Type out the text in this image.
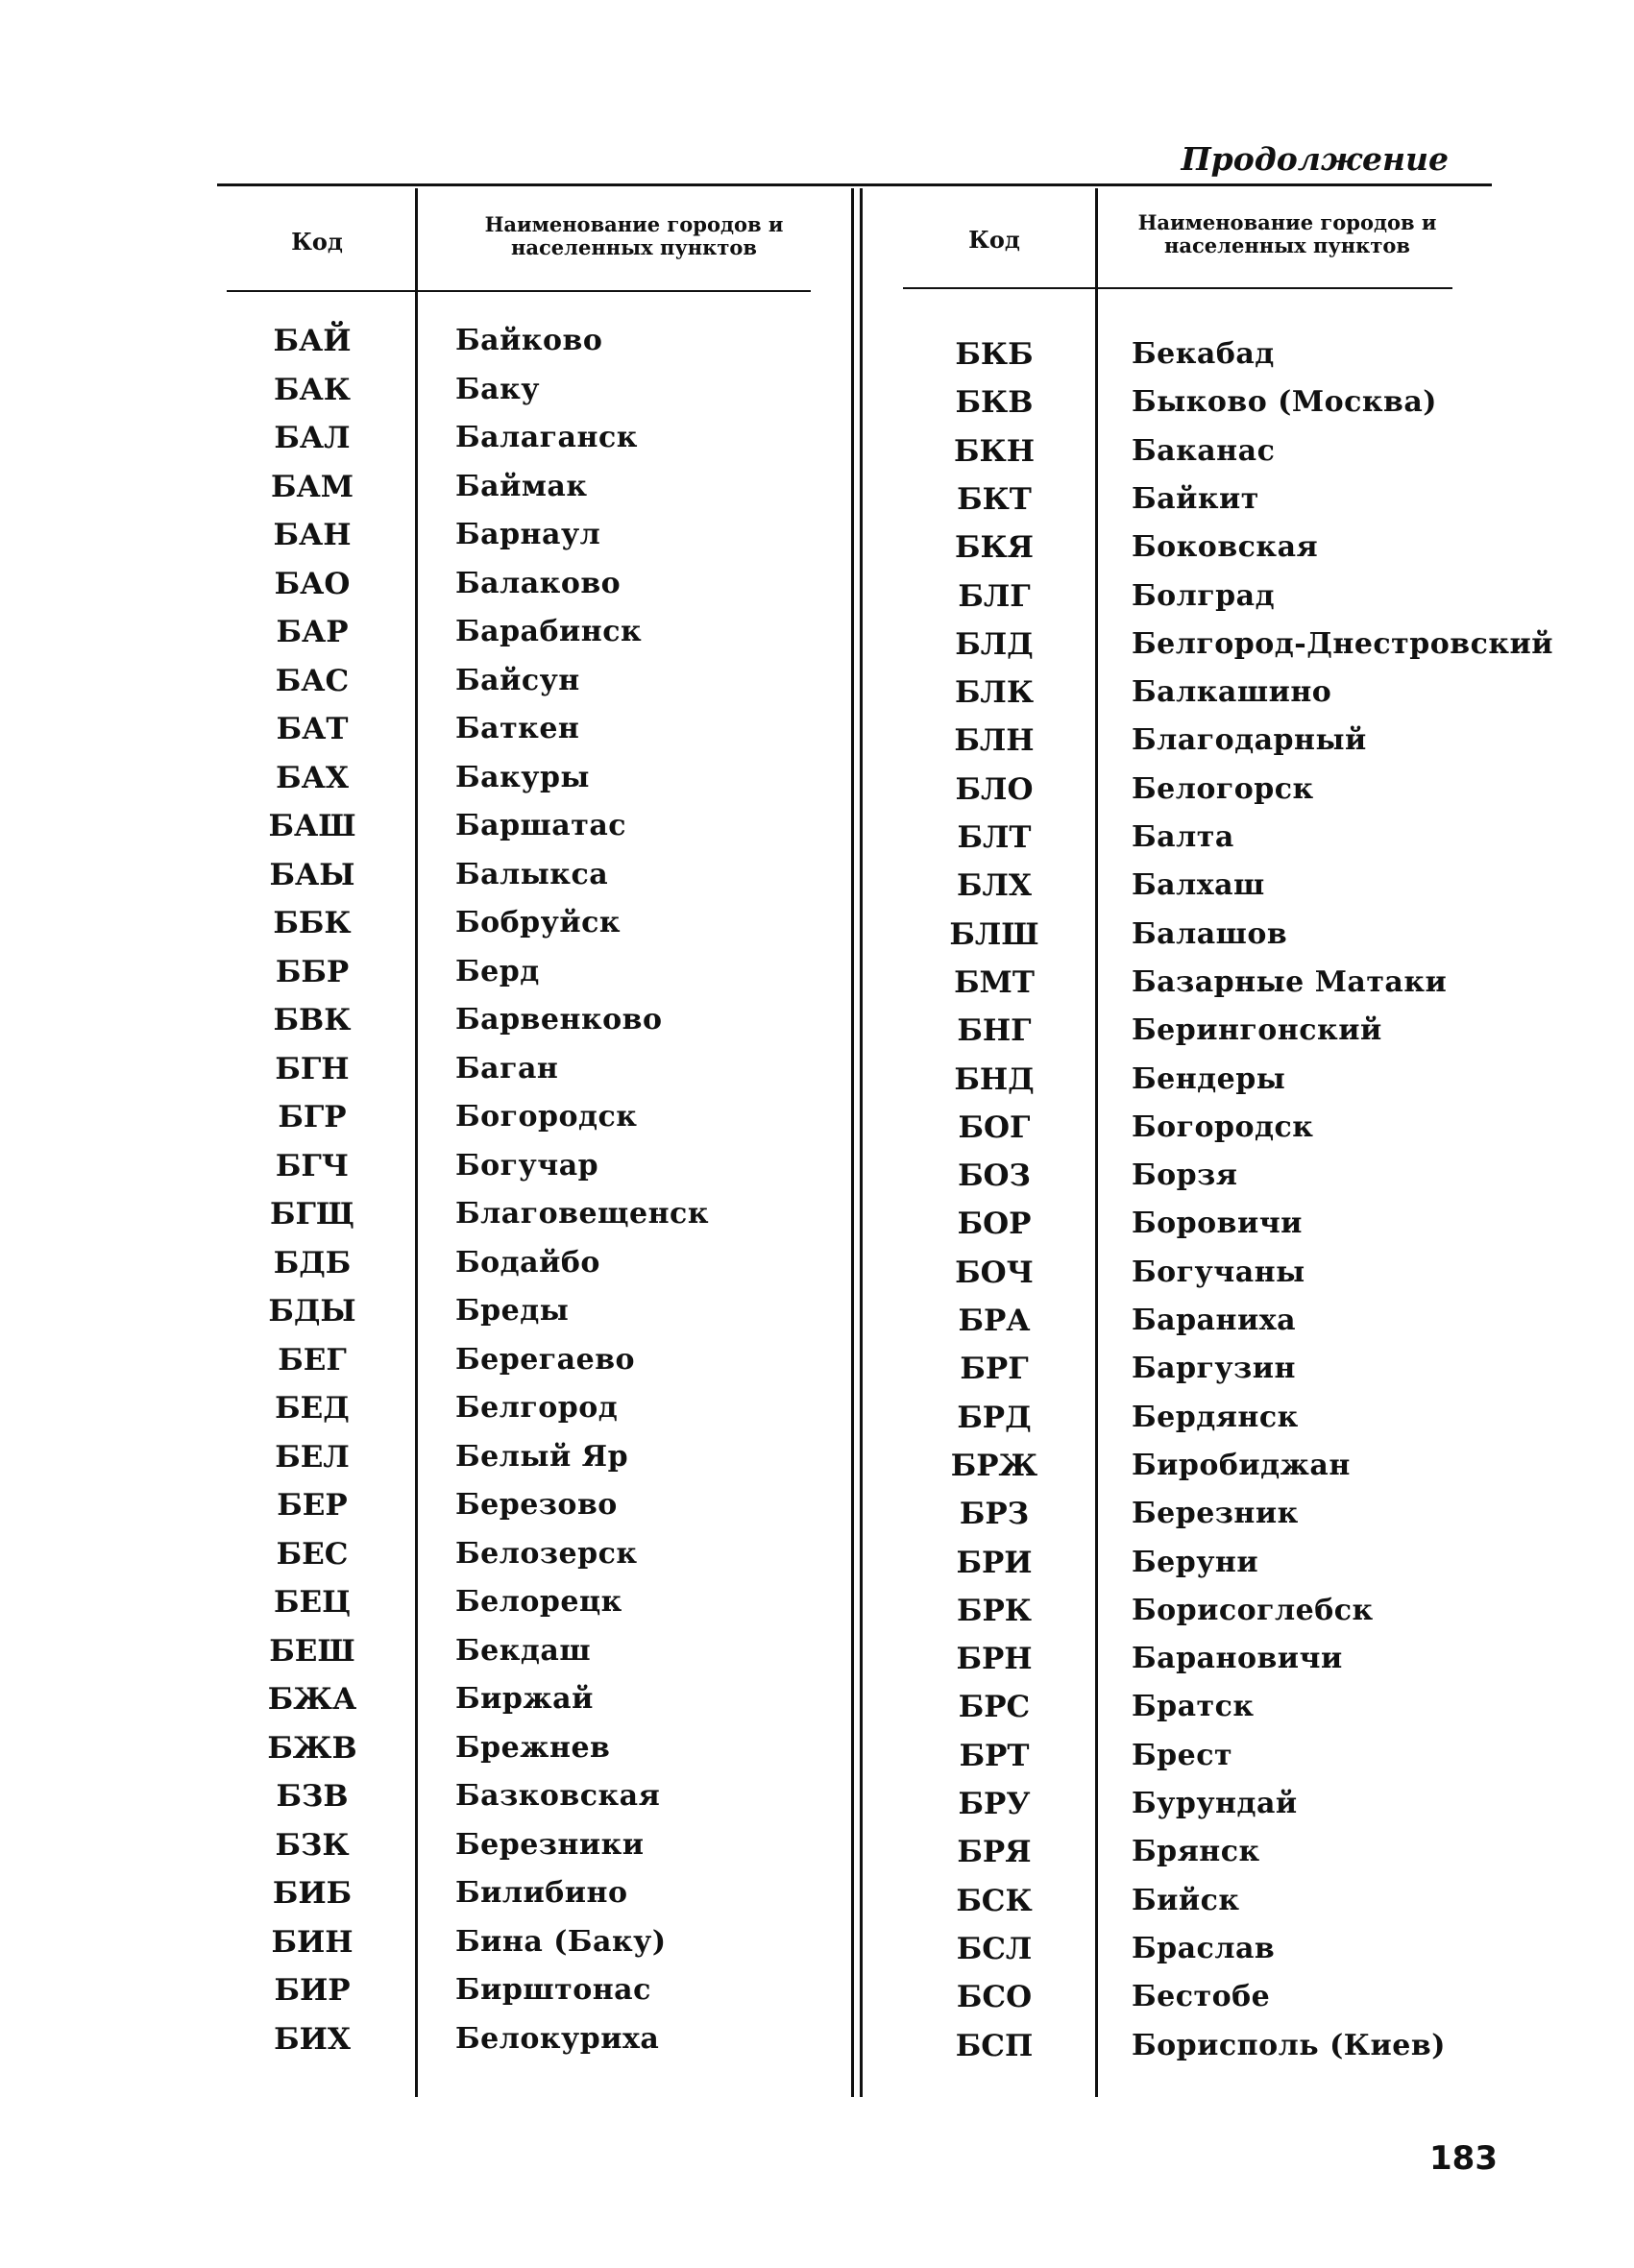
Продолжение
Код
Наименование городов и
населенных пунктов	Код
Наименование городов и
населенных пунктов
БАЙ
БАК
БАЛ
БАМ
БАН
БАО
БАР
БАС
БАТ
БАХ
БАШ
БАЫ
ББК
ББР
БВК
БГН
БГР
БГЧ
БГЩ
БДБ
БДЫ
БЕГ
БЕД
БЕЛ
БЕР
БЕС
БЕЦ
БЕШ
БЖА
БЖВ
БЗВ
БЗК
БИБ
БИН
БИР
БИХ
Байково
Баку
Балаганск
Баймак
Барнаул
Балаково
Барабинск
Байсун
Баткен
Бакуры
Баршатас
Балыкса
Бобруйск
Берд
Барвенково
Баган
Богородск
Богучар
Благовещенск
Бодайбо
Бреды
Берегаево
Белгород
Белый Яр
Березово
Белозерск
Белорецк
Бекдаш
Биржай
Брежнев
Базковская
Березники
Билибино
Бина (Баку)
Бирштонас
Белокуриха
БКБ
БКВ
БКН
БКТ
БКЯ
БЛГ
БЛД
БЛК
БЛН
БЛО
БЛТ
БЛХ
БЛШ
БМТ
БНГ
БНД
БОГ
БОЗ
БОР
БОЧ
БРА
БРГ
БРД
БРЖ
БРЗ
БРИ
БРК
БРН
БРС
БРТ
БРУ
БРЯ
БСК
БСЛ
БСО
БСП
Бекабад
Быково (Москва)
Баканас
Байкит
Боковская
Болград
Белгород-Днестровский
Балкашино
Благодарный
Белогорск
Балта
Балхаш
Балашов
Базарные Матаки
Берингонский
Бендеры
Богородск
Борзя
Боровичи
Богучаны
Бараниха
Баргузин
Бердянск
Биробиджан
Березник
Беруни
Борисоглебск
Барановичи
Братск
Брест
Бурундай
Брянск
Бийск
Браслав
Бестобе
Борисполь (Киев)
183
